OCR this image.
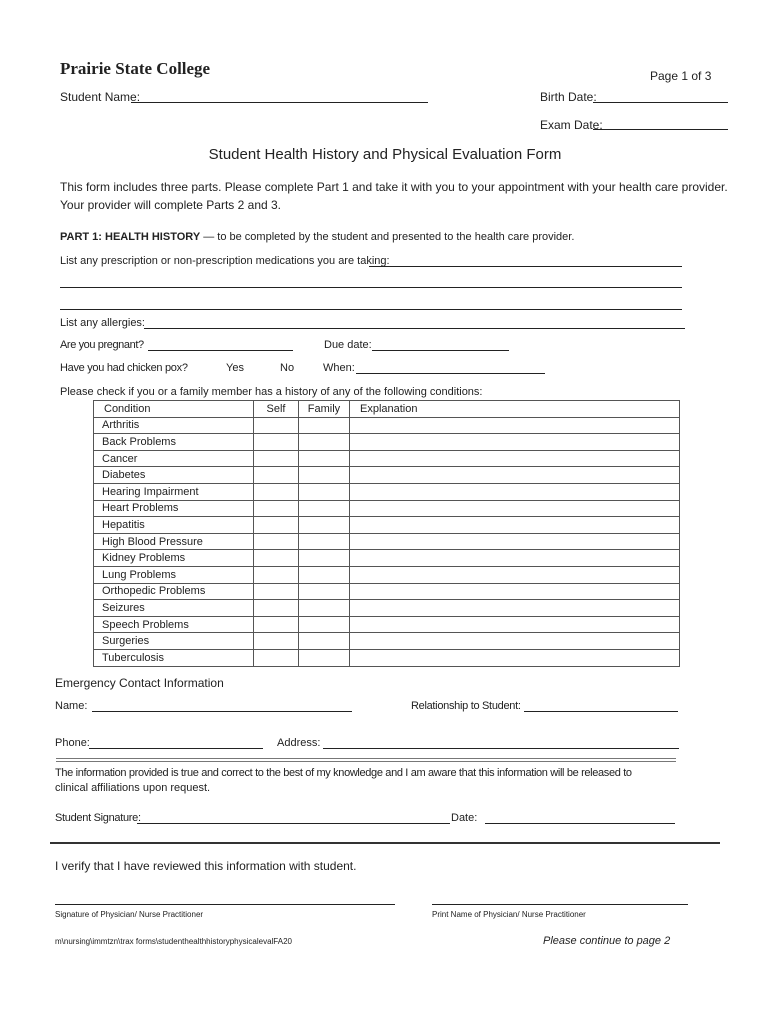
Prairie State College	Page 1 of 3
Student Name:	Birth Date:
Exam Date:
Student Health History and Physical Evaluation Form
This form includes three parts. Please complete Part 1 and take it with you to your appointment with your health care provider.
Your provider will complete Parts 2 and 3.
PART 1: HEALTH HISTORY — to be completed by the student and presented to the health care provider.
List any prescription or non-prescription medications you are taking:
List any allergies:
Are you pregnant?	Due date:
Have you had chicken pox?	Yes	No	When:
Please check if you or a family member has a history of any of the following conditions:
Condition	Self	Family	Explanation
Arthritis			
Back Problems			
Cancer			
Diabetes			
Hearing Impairment			
Heart Problems			
Hepatitis			
High Blood Pressure			
Kidney Problems			
Lung Problems			
Orthopedic Problems			
Seizures			
Speech Problems			
Surgeries			
Tuberculosis			
Emergency Contact Information
Name:	Relationship to Student:
Phone:	Address:
The information provided is true and correct to the best of my knowledge and I am aware that this information will be released to
clinical affiliations upon request.
Student Signature:	Date:
I verify that I have reviewed this information with student.
Signature of Physician/ Nurse Practitioner	Print Name of Physician/ Nurse Practitioner
m\nursing\immtzn\trax forms\studenthealthhistoryphysicalevalFA20	Please continue to page 2
